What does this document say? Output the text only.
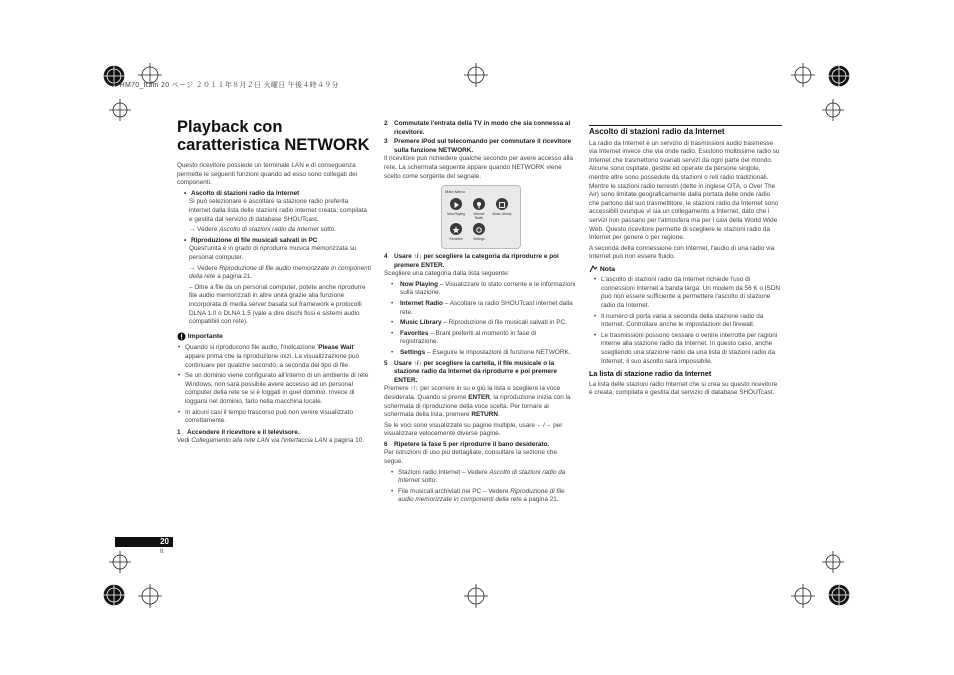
X-HM70_It.fm 20 ページ ２０１１年８月２日 火曜日 午後４時４９分
Playback con
caratteristica NETWORK

Questo ricevitore possiede un terminale LAN e di conseguenza permette le seguenti funzioni quando ad esso sono collegati dei componenti.

• Ascolto di stazioni radio da Internet

Si può selezionare e ascoltare la stazione radio preferita internet dalla lista delle stazioni radio internet creata, compilata e gestita dal servizio di database SHOUTcast.

→ Vedere Ascolto di stazioni radio da Internet sotto.

• Riproduzione di file musicali salvati in PC

Quest'unità è in grado di riprodurre musica memorizzata su personal computer.

→ Vedere Riproduzione di file audio memorizzate in componenti della rete a pagina 21.

– Oltre a file da un personal computer, potete anche riprodurre file audio memorizzati in altre unità grazie alla funzione incorporata di media server basata sul framework e protocolli DLNA 1.0 o DLNA 1.5 (vale a dire dischi fissi e sistemi audio compatibili con rete).

Importante

• Quando si riproducono file audio, l'indicazione 'Please Wait' appare prima che la riproduzione inizi. La visualizzazione può continuare per qualche secondo, a seconda del tipo di file.

• Se un dominio viene configurato all'interno di un ambiente di rete Windows, non sarà possibile avere accesso ad un personal computer della rete se si è loggati in quel dominio. Invece di loggarsi nel dominio, farlo nella macchina locale.

• In alcuni casi il tempo trascorso può non venire visualizzato correttamente.

1 Accendere il ricevitore e il televisore.

Vedi Collegamento alla rete LAN via l'interfaccia LAN a pagina 10.

2 Commutate l'entrata della TV in modo che sia connessa al ricevitore.
3 Premere iPod sul telecomando per commutare il ricevitore sulla funzione NETWORK.

Il ricevitore può richiedere qualche secondo per avere accesso alla rete. La schermata seguente appare quando NETWORK viene scelto come sorgente del segnale.

Main Menu
Now Playing	Internet Radio
Music Library
Favorites	Settings
4 Usare ↑/↓ per scegliere la categoria da riprodurre e poi premere ENTER.

Scegliere una categoria dalla lista seguente:

• Now Playing – Visualizzare lo stato corrente e le informazioni sulla stazione.

• Internet Radio – Ascoltare la radio SHOUTcast internet dalla rete.

• Music Library – Riproduzione di file musicali salvati in PC.

• Favorites – Brani preferiti al momento in fase di registrazione.

• Settings – Eseguire le impostazioni di funzione NETWORK.

5 Usare ↑/↓ per scegliere la cartella, il file musicale o la stazione radio da Internet da riprodurre e poi premere ENTER.

Premere ↑/↓ per scorrere in su e giù la lista e scegliere la voce desiderata. Quando si preme ENTER, la riproduzione inizia con la schermata di riproduzione della voce scelta. Per tornare al schermata della lista, premere RETURN.

Se le voci sono visualizzate su pagine multiple, usare ←/→ per visualizzare velocemente diverse pagine.

6 Ripetere la fase 5 per riprodurre il bano desiderato.

Per istruzioni di uso più dettagliate, consultare la sezione che segue.

• Stazioni radio Internet – Vedere Ascolto di stazioni radio da Internet sotto.

• File musicali archiviati nei PC – Vedere Riproduzione di file audio memorizzate in componenti della rete a pagina 21.

Ascolto di stazioni radio da Internet

La radio da Internet è un servizio di trasmissioni audio trasmesse via Internet invece che via onde radio. Esistono moltissime radio su Internet che trasmettono svariati servizi da ogni parte del mondo. Alcune sono ospitate, gestite ed operate da persone singole, mentre altre sono possedute da stazioni o reti radio tradizionali. Mentre le stazioni radio terrestri (dette in inglese OTA, o Over The Air) sono limitate geograficamente dalla portata delle onde radio che partono dal suo trasmettitore, le stazioni radio da Internet sono accessibili ovunque vi sia un collegamento a Internet, dato che i servizi non passano per l'atmosfera ma per i cavi della World Wide Web. Questo ricevitore permette di scegliere le stazioni radio da Internet per genere o per regione.

A seconda della connessione con Internet, l'audio di una radio via Internet può non essere fluido.

Nota

• L'ascolto di stazioni radio da Internet richiede l'uso di connessioni Internet a banda larga. Un modem da 56 K o ISDN può non essere sufficiente a permettere l'ascolto di stazione radio da Internet.

• Il numero di porta varia a seconda della stazione radio da Internet. Controllare anche le impostazioni del firewall.

• Le trasmissioni possono cessare o venire interrotte per ragioni interne alla stazione radio da Internet. In questo caso, anche scegliendo una stazione radio da una lista di stazioni radio da Internet, il suo ascolto sarà impossibile.

La lista di stazione radio da Internet

La lista delle stazioni radio Internet che si crea su questo ricevitore è creata, compilata e gestita dal servizio di database SHOUTcast.

20
It
